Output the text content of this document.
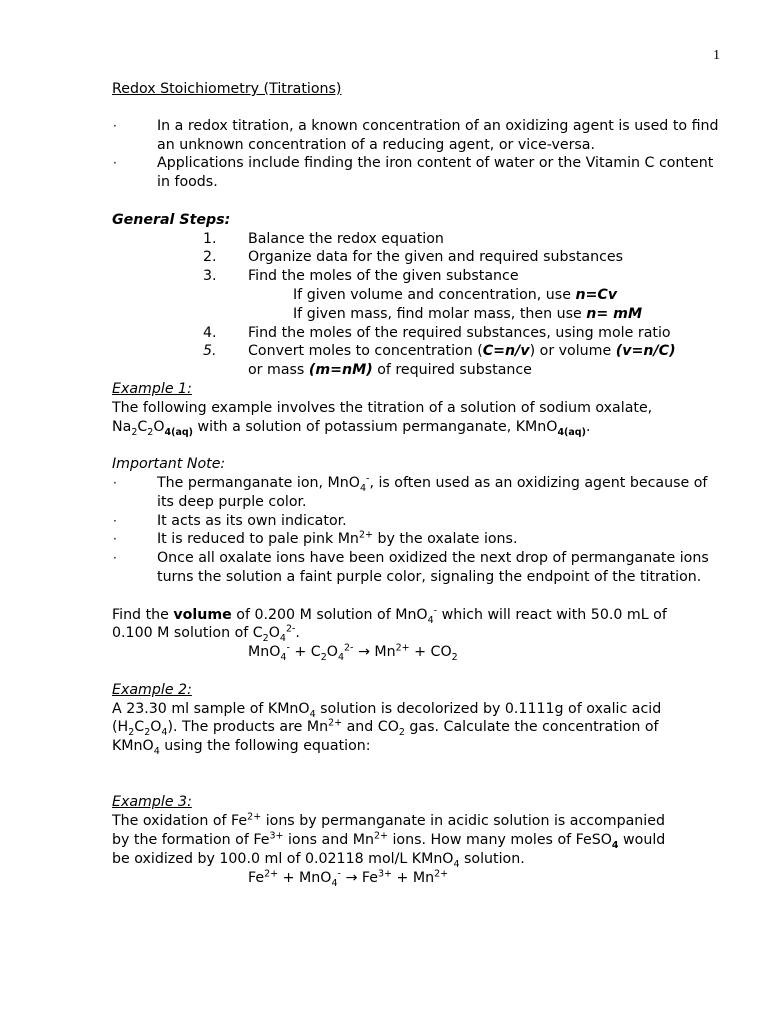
1
Redox Stoichiometry (Titrations)
·	In a redox titration, a known concentration of an oxidizing agent is used to find an unknown concentration of a reducing agent, or vice-versa.
·	Applications include finding the iron content of water or the Vitamin C content in foods.
General Steps:
1.	Balance the redox equation
2.	Organize data for the given and required substances
3.	Find the moles of the given substance
If given volume and concentration, use n=Cv
If given mass, find molar mass, then use n= mM
4.	Find the moles of the required substances, using mole ratio
5.	Convert moles to concentration (C=n/v) or volume (v=n/C)
or mass (m=nM) of required substance
Example 1:
The following example involves the titration of a solution of sodium oxalate,
$Na_2C_2O_{4(aq)}$ with a solution of potassium permanganate, KMnO$_{4(aq)}$.
Important Note:
·	The permanganate ion, MnO$_4$-, is often used as an oxidizing agent because of its deep purple color.
·	It acts as its own indicator.
·	It is reduced to pale pink $Mn^{2+}$ by the oxalate ions.
·	Once all oxalate ions have been oxidized the next drop of permanganate ions turns the solution a faint purple color, signaling the endpoint of the titration.
Find the volume of 0.200 M solution of MnO$_4$- which will react with 50.0 mL of
0.100 M solution of $C_2O_4^{2-}$.
$MnO_4^- + C_2O_4^{2-} \to Mn^{2+} + CO_2$
Example 2:
A 23.30 ml sample of KMnO$_4$ solution is decolorized by 0.1111g of oxalic acid
$(H_2C_2O_4)$. The products are $Mn^{2+}$ and $CO_2$ gas. Calculate the concentration of
KMnO$_4$ using the following equation:
Example 3:
The oxidation of $Fe^{2+}$ ions by permanganate in acidic solution is accompanied
by the formation of $Fe^{3+}$ ions and $Mn^{2+}$ ions. How many moles of FeSO$_4$ would
be oxidized by 100.0 ml of 0.02118 mol/L KMnO$_4$ solution.
$Fe^{2+} + MnO_4^- \to Fe^{3+} + Mn^{2+}$
